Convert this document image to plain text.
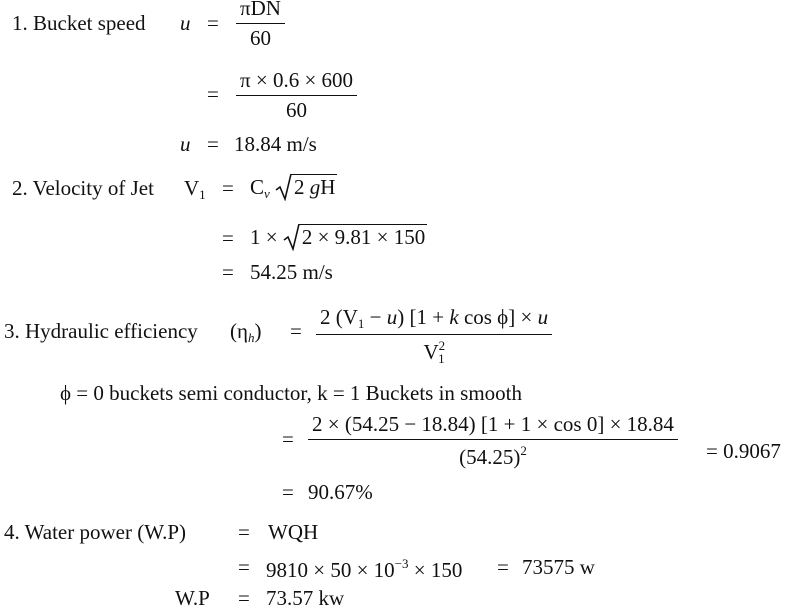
1. Bucket speed u =
πDN
60
=
π × 0.6 × 600
60
u = 18.84 m/s
2. Velocity of Jet $V_1 = C_v$ 2 gH
= 1 × 2 × 9.81 × 150
= 54.25 m/s
3. Hydraulic efficiency $(\eta_h)$ =
2 $(V_1 - u) [1 + k$ cos ϕ] × u
$V^2_1$
ϕ = 0 buckets semi conductor, k = 1 Buckets in smooth
=
2 × (54.25 − 18.84) [1 + 1 × cos 0] × 18.84
$(54.25)^2$	= 0.9067
= 90.67%
4. Water power (W.P) = WQH
= $9810 \times 50 \times 10^{-3} \times 150 = 73575$ w
W.P = 73.57 kw
